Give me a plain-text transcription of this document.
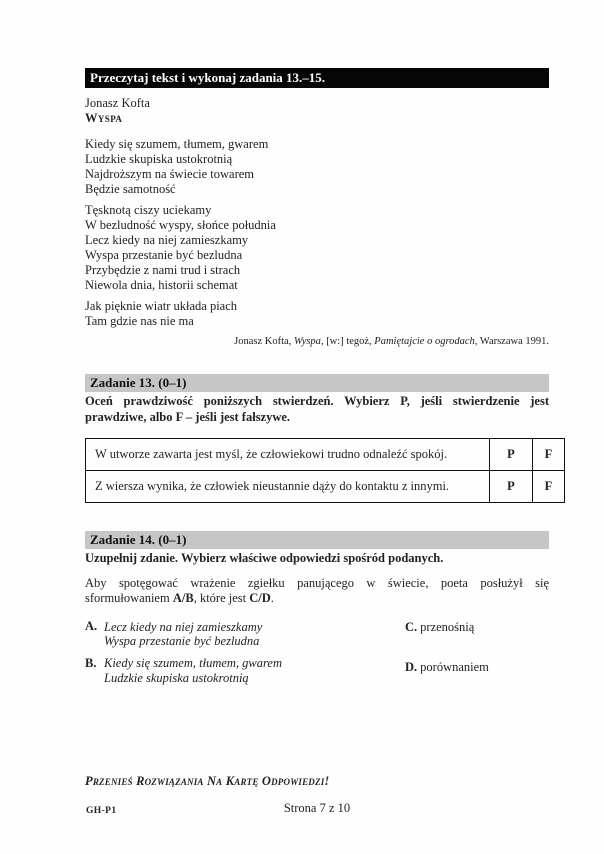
Przeczytaj tekst i wykonaj zadania 13.–15.
Jonasz Kofta
Wyspa
Kiedy się szumem, tłumem, gwarem
Ludzkie skupiska ustokrotnią
Najdroższym na świecie towarem
Będzie samotność
Tęsknotą ciszy uciekamy
W bezludność wyspy, słońce południa
Lecz kiedy na niej zamieszkamy
Wyspa przestanie być bezludna
Przybędzie z nami trud i strach
Niewola dnia, historii schemat
Jak pięknie wiatr układa piach
Tam gdzie nas nie ma
Jonasz Kofta, Wyspa, [w:] tegoż, Pamiętajcie o ogrodach, Warszawa 1991.
Zadanie 13. (0–1)
Oceń prawdziwość poniższych stwierdzeń. Wybierz P, jeśli stwierdzenie jest prawdziwe, albo F – jeśli jest fałszywe.
W utworze zawarta jest myśl, że człowiekowi trudno odnaleźć spokój.	P	F
Z wiersza wynika, że człowiek nieustannie dąży do kontaktu z innymi.	P	F
Zadanie 14. (0–1)
Uzupełnij zdanie. Wybierz właściwe odpowiedzi spośród podanych.

Aby spotęgować wrażenie zgiełku panującego w świecie, poeta posłużył się sformułowaniem A/B, które jest C/D.

A. Lecz kiedy na niej zamieszkamy
Wyspa przestanie być bezludna
B. Kiedy się szumem, tłumem, gwarem
Ludzkie skupiska ustokrotnią
C. przenośnią
D. porównaniem
Przenieś Rozwiązania Na Kartę Odpowiedzi!
GH-P1	Strona 7 z 10
